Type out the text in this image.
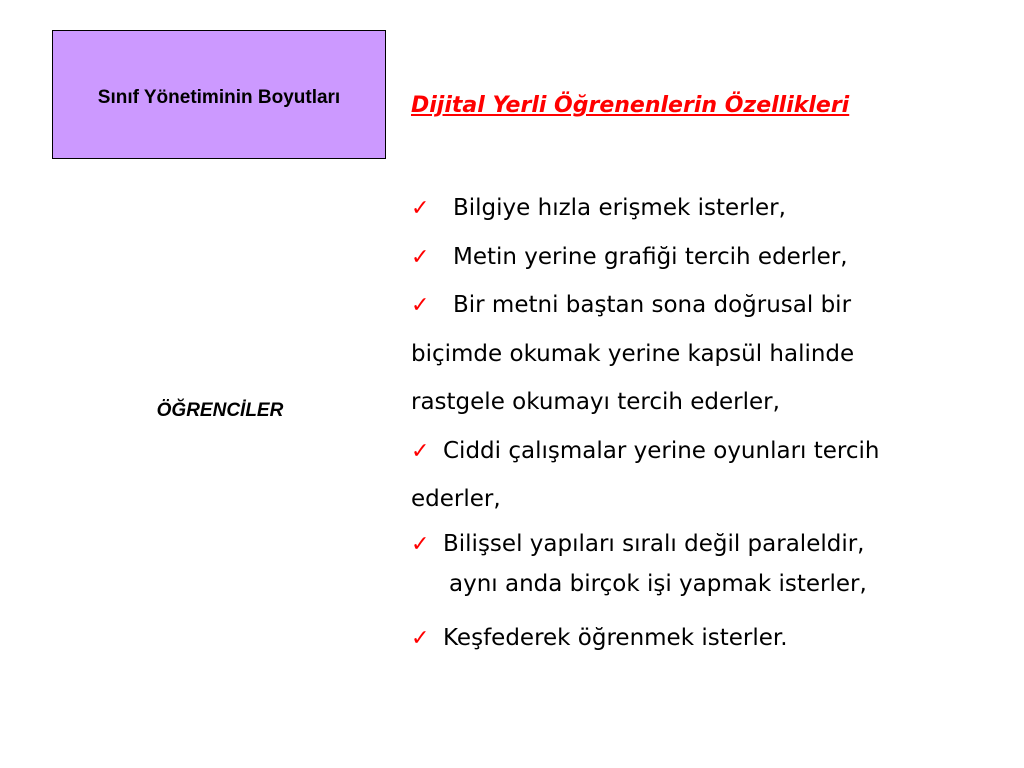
Sınıf Yönetiminin Boyutları
ÖĞRENCİLER
Dijital Yerli Öğrenenlerin Özellikleri
✓ Bilgiye hızla erişmek isterler,
✓ Metin yerine grafiği tercih ederler,
✓ Bir metni baştan sona doğrusal bir
biçimde okumak yerine kapsül halinde
rastgele okumayı tercih ederler,
✓ Ciddi çalışmalar yerine oyunları tercih
ederler,
✓ Bilişsel yapıları sıralı değil paraleldir,
aynı anda birçok işi yapmak isterler,
✓ Keşfederek öğrenmek isterler.
